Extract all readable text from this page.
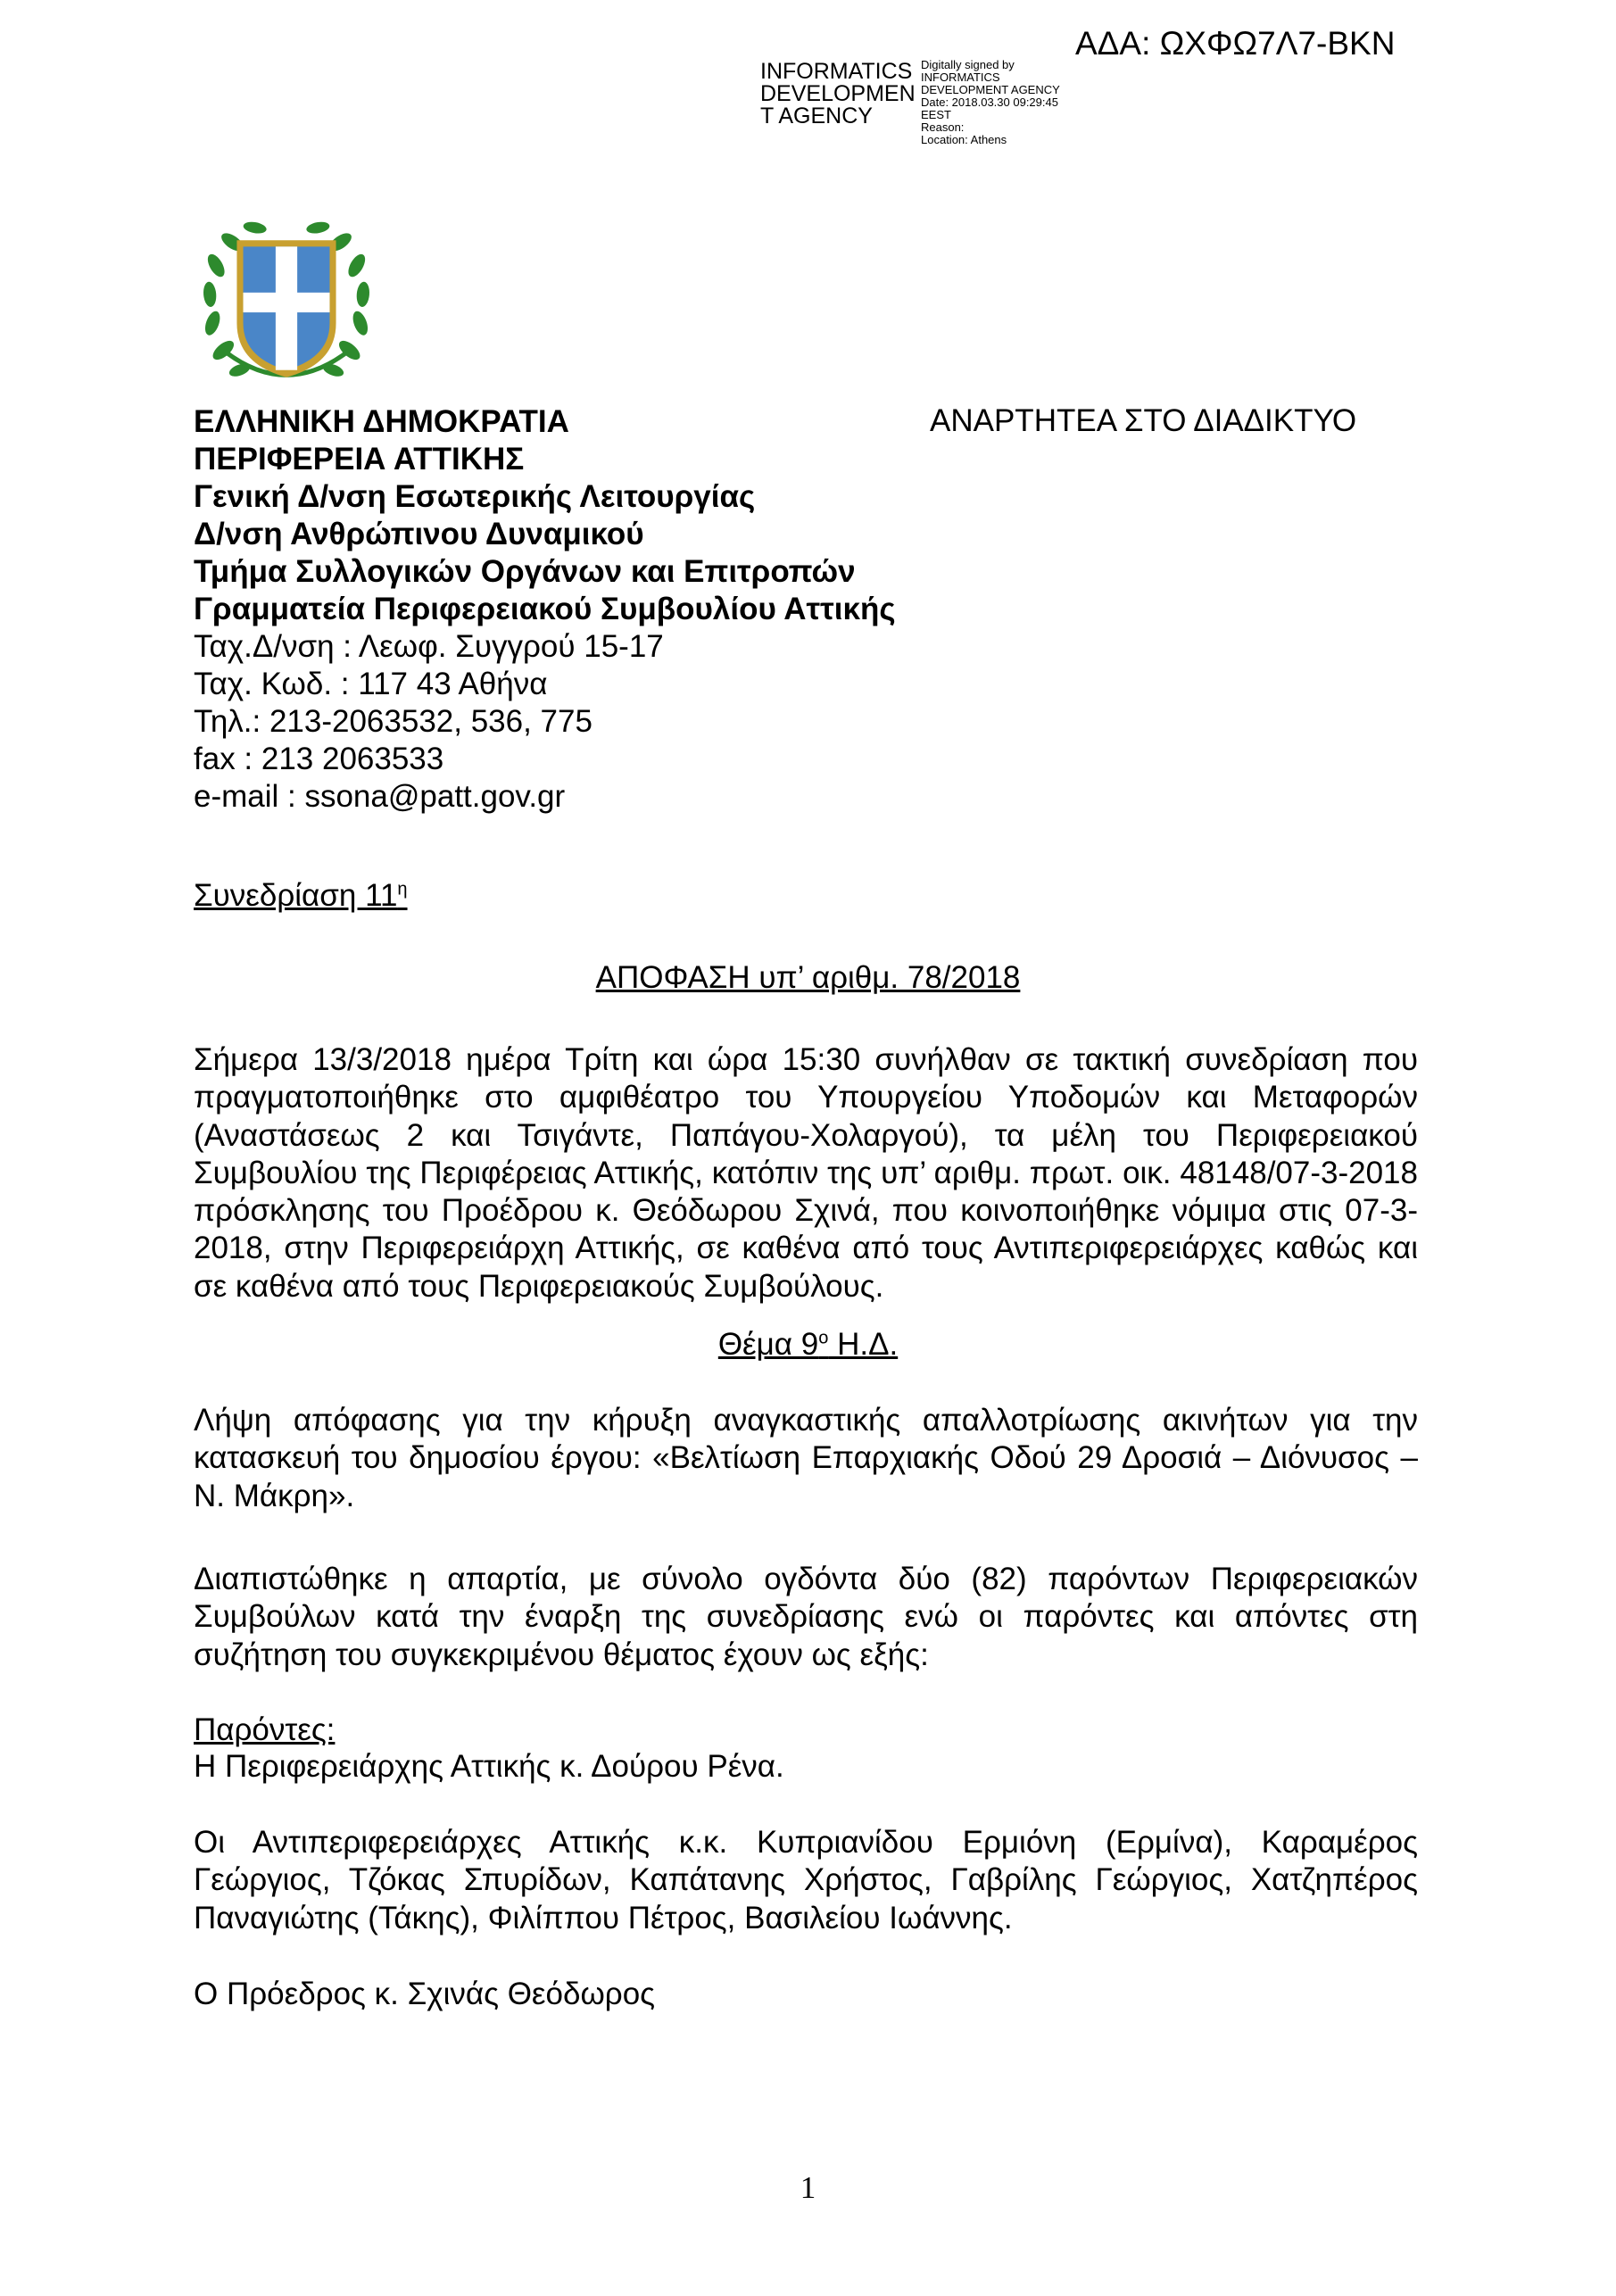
ΑΔΑ: ΩΧΦΩ7Λ7-ΒΚΝ
INFORMATICS
DEVELOPMEN
T AGENCY
Digitally signed by
INFORMATICS
DEVELOPMENT AGENCY
Date: 2018.03.30 09:29:45
EEST
Reason:
Location: Athens
ΑΝΑΡΤΗΤΕΑ ΣΤΟ ΔΙΑΔΙΚΤΥΟ
ΕΛΛΗΝΙΚΗ ΔΗΜΟΚΡΑΤΙΑ
ΠΕΡΙΦΕΡΕΙΑ ΑΤΤΙΚΗΣ
Γενική Δ/νση Εσωτερικής Λειτουργίας
Δ/νση Ανθρώπινου Δυναμικού
Τμήμα Συλλογικών Οργάνων και Επιτροπών
Γραμματεία Περιφερειακού Συμβουλίου Αττικής
Ταχ.Δ/νση : Λεωφ. Συγγρού 15-17
Ταχ. Κωδ. : 117 43 Αθήνα
Τηλ.: 213-2063532, 536, 775
fax : 213 2063533
e-mail : ssona@patt.gov.gr
Συνεδρίαση $11^\eta$
ΑΠΟΦΑΣΗ υπ’ αριθμ. 78/2018
Σήμερα 13/3/2018 ημέρα Τρίτη και ώρα 15:30 συνήλθαν σε τακτική συνεδρίαση που πραγματοποιήθηκε στο αμφιθέατρο του Υπουργείου Υποδομών και Μεταφορών (Αναστάσεως 2 και Τσιγάντε, Παπάγου-Χολαργού), τα μέλη του Περιφερειακού Συμβουλίου της Περιφέρειας Αττικής, κατόπιν της υπ’ αριθμ. πρωτ. οικ. 48148/07-3-2018 πρόσκλησης του Προέδρου κ. Θεόδωρου Σχινά, που κοινοποιήθηκε νόμιμα στις 07-3-2018, στην Περιφερειάρχη Αττικής, σε καθένα από τους Αντιπεριφερειάρχες καθώς και σε καθένα από τους Περιφερειακούς Συμβούλους.
Θέμα $9^o$ Η.Δ.
Λήψη απόφασης για την κήρυξη αναγκαστικής απαλλοτρίωσης ακινήτων για την κατασκευή του δημοσίου έργου: «Βελτίωση Επαρχιακής Οδού 29 Δροσιά – Διόνυσος – Ν. Μάκρη».
Διαπιστώθηκε η απαρτία, με σύνολο ογδόντα δύο (82) παρόντων Περιφερειακών Συμβούλων κατά την έναρξη της συνεδρίασης ενώ οι παρόντες και απόντες στη συζήτηση του συγκεκριμένου θέματος έχουν ως εξής:
Παρόντες:
Η Περιφερειάρχης Αττικής κ. Δούρου Ρένα.
Οι Αντιπεριφερειάρχες Αττικής κ.κ. Κυπριανίδου Ερμιόνη (Ερμίνα), Καραμέρος Γεώργιος, Τζόκας Σπυρίδων, Καπάτανης Χρήστος, Γαβρίλης Γεώργιος, Χατζηπέρος Παναγιώτης (Τάκης), Φιλίππου Πέτρος, Βασιλείου Ιωάννης.
Ο Πρόεδρος κ. Σχινάς Θεόδωρος
1
